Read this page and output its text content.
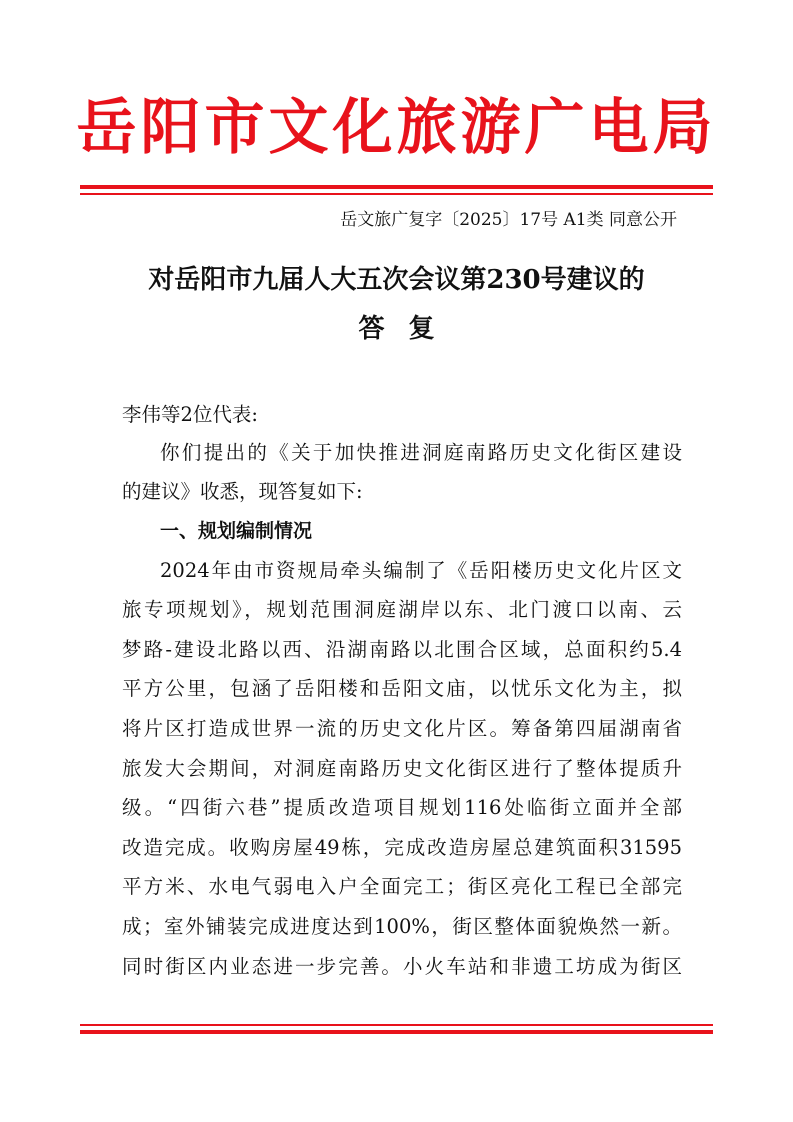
岳阳市文化旅游广电局
岳文旅广复字〔2025〕17号 A1类 同意公开
对岳阳市九届人大五次会议第230号建议的
答复
李伟等2位代表:
你们提出的《关于加快推进洞庭南路历史文化街区建设
的建议》收悉，现答复如下:
一、规划编制情况
2024年由市资规局牵头编制了《岳阳楼历史文化片区文
旅专项规划》，规划范围洞庭湖岸以东、北门渡口以南、云
梦路-建设北路以西、沿湖南路以北围合区域，总面积约5.4
平方公里，包涵了岳阳楼和岳阳文庙，以忧乐文化为主，拟
将片区打造成世界一流的历史文化片区。筹备第四届湖南省
旅发大会期间，对洞庭南路历史文化街区进行了整体提质升
级。“四街六巷”提质改造项目规划116处临街立面并全部
改造完成。收购房屋49栋，完成改造房屋总建筑面积31595
平方米、水电气弱电入户全面完工；街区亮化工程已全部完
成；室外铺装完成进度达到100%，街区整体面貌焕然一新。
同时街区内业态进一步完善。小火车站和非遗工坊成为街区
